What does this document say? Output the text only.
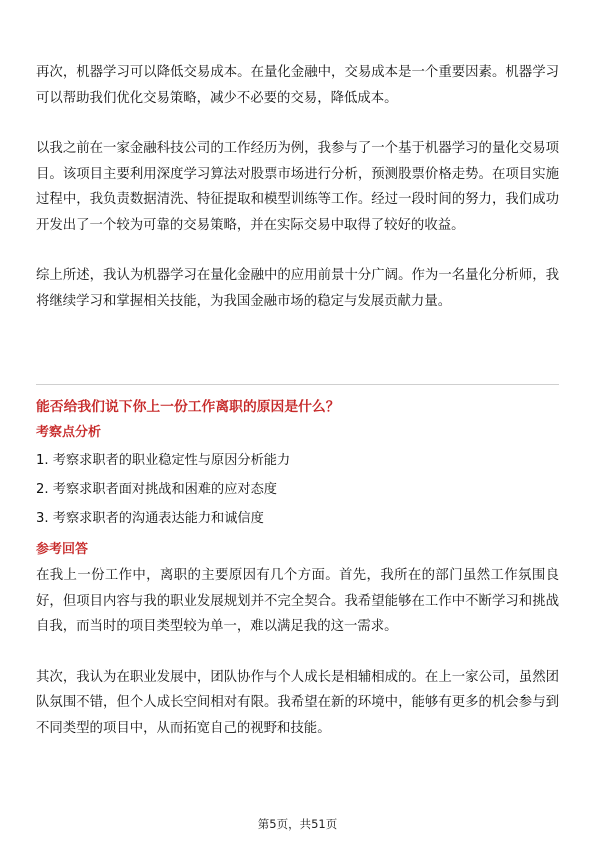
再次，机器学习可以降低交易成本。在量化金融中，交易成本是一个重要因素。机器学习可以帮助我们优化交易策略，减少不必要的交易，降低成本。

以我之前在一家金融科技公司的工作经历为例，我参与了一个基于机器学习的量化交易项目。该项目主要利用深度学习算法对股票市场进行分析，预测股票价格走势。在项目实施过程中，我负责数据清洗、特征提取和模型训练等工作。经过一段时间的努力，我们成功开发出了一个较为可靠的交易策略，并在实际交易中取得了较好的收益。

综上所述，我认为机器学习在量化金融中的应用前景十分广阔。作为一名量化分析师，我将继续学习和掌握相关技能，为我国金融市场的稳定与发展贡献力量。

能否给我们说下你上一份工作离职的原因是什么？

考察点分析

1. 考察求职者的职业稳定性与原因分析能力
2. 考察求职者面对挑战和困难的应对态度
3. 考察求职者的沟通表达能力和诚信度

参考回答

在我上一份工作中，离职的主要原因有几个方面。首先，我所在的部门虽然工作氛围良好，但项目内容与我的职业发展规划并不完全契合。我希望能够在工作中不断学习和挑战自我，而当时的项目类型较为单一，难以满足我的这一需求。

其次，我认为在职业发展中，团队协作与个人成长是相辅相成的。在上一家公司，虽然团队氛围不错，但个人成长空间相对有限。我希望在新的环境中，能够有更多的机会参与到不同类型的项目中，从而拓宽自己的视野和技能。

第5页，共51页
